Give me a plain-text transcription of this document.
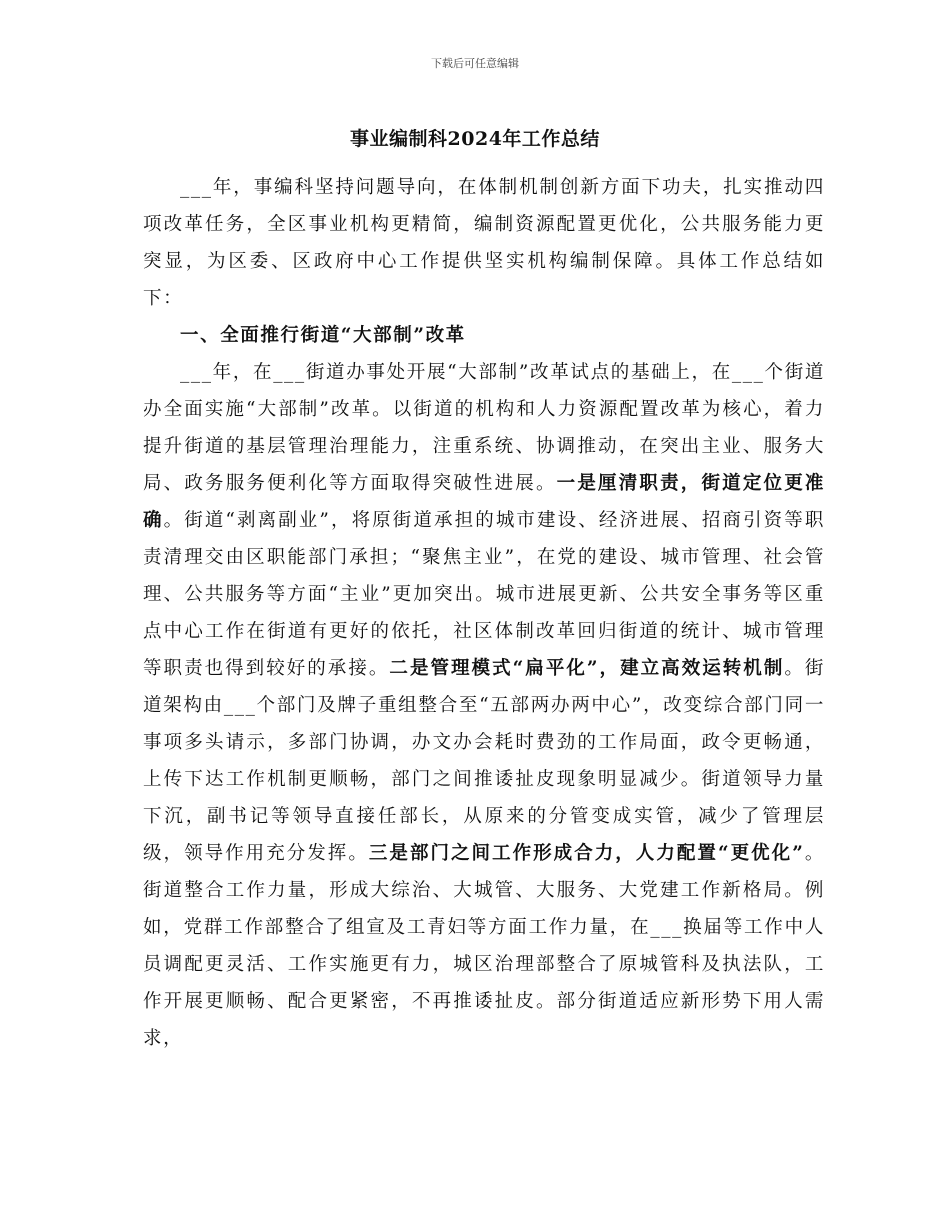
下载后可任意编辑
事业编制科2024年工作总结

___年，事编科坚持问题导向，在体制机制创新方面下功夫，扎实推动四项改革任务，全区事业机构更精简，编制资源配置更优化，公共服务能力更突显，为区委、区政府中心工作提供坚实机构编制保障。具体工作总结如下：

一、全面推行街道“大部制”改革

___年，在___街道办事处开展“大部制”改革试点的基础上，在___个街道办全面实施“大部制”改革。以街道的机构和人力资源配置改革为核心，着力提升街道的基层管理治理能力，注重系统、协调推动，在突出主业、服务大局、政务服务便利化等方面取得突破性进展。一是厘清职责，街道定位更准确。街道“剥离副业”，将原街道承担的城市建设、经济进展、招商引资等职责清理交由区职能部门承担；“聚焦主业”，在党的建设、城市管理、社会管理、公共服务等方面“主业”更加突出。城市进展更新、公共安全事务等区重点中心工作在街道有更好的依托，社区体制改革回归街道的统计、城市管理等职责也得到较好的承接。二是管理模式“扁平化”，建立高效运转机制。街道架构由___个部门及牌子重组整合至“五部两办两中心”，改变综合部门同一事项多头请示，多部门协调，办文办会耗时费劲的工作局面，政令更畅通，上传下达工作机制更顺畅，部门之间推诿扯皮现象明显减少。街道领导力量下沉，副书记等领导直接任部长，从原来的分管变成实管，减少了管理层级，领导作用充分发挥。三是部门之间工作形成合力，人力配置“更优化”。街道整合工作力量，形成大综治、大城管、大服务、大党建工作新格局。例如，党群工作部整合了组宣及工青妇等方面工作力量，在___换届等工作中人员调配更灵活、工作实施更有力，城区治理部整合了原城管科及执法队，工作开展更顺畅、配合更紧密，不再推诿扯皮。部分街道适应新形势下用人需求，
